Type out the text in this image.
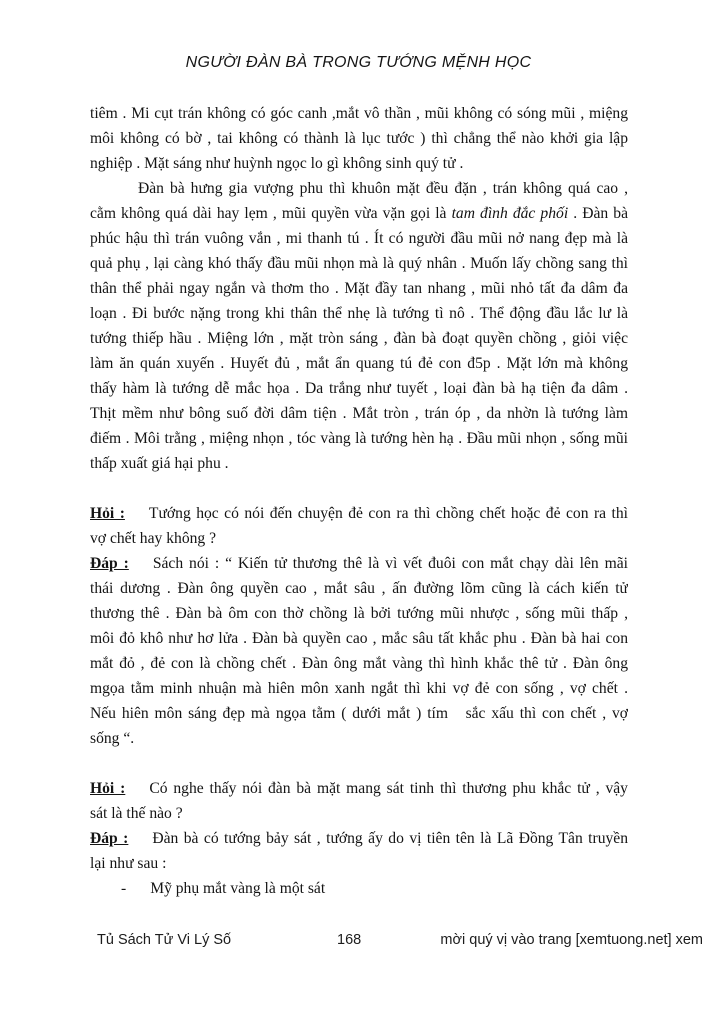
NGƯỜI ĐÀN BÀ TRONG TƯỚNG MỆNH HỌC
tiêm . Mi cụt trán không có góc canh ,mắt vô thần , mũi không có sóng mũi , miệng
môi không có bờ , tai không có thành là lục tước ) thì chẳng thể nào khởi gia lập
nghiệp . Mặt sáng như huỳnh ngọc lo gì không sinh quý tử .
Đàn bà hưng gia vượng phu thì khuôn mặt đều đặn , trán không quá cao ,
cằm không quá dài hay lẹm , mũi quyền vừa vặn gọi là tam đình đắc phối . Đàn bà
phúc hậu thì trán vuông vắn , mi thanh tú . Ít có người đầu mũi nở nang đẹp mà là
quả phụ , lại càng khó thấy đầu mũi nhọn mà là quý nhân . Muốn lấy chồng sang thì
thân thể phải ngay ngắn và thơm tho . Mặt đầy tan nhang , mũi nhỏ tất đa dâm đa
loạn . Đi bước nặng trong khi thân thể nhẹ là tướng tì nô . Thể động đầu lắc lư là
tướng thiếp hầu . Miệng lớn , mặt tròn sáng , đàn bà đoạt quyền chồng , giỏi việc
làm ăn quán xuyến . Huyết đủ , mắt ẩn quang tú đẻ con đ5p . Mặt lớn mà không
thấy hàm là tướng dễ mắc họa . Da trắng như tuyết , loại đàn bà hạ tiện đa dâm .
Thịt mềm như bông suố đời dâm tiện . Mắt tròn , trán óp , da nhờn là tướng làm
điếm . Môi trằng , miệng nhọn , tóc vàng là tướng hèn hạ . Đầu mũi nhọn , sống mũi
thấp xuất giá hại phu .
Hỏi : Tướng học có nói đến chuyện đẻ con ra thì chồng chết hoặc đẻ con ra thì
vợ chết hay không ?
Đáp : Sách nói : “ Kiến tử thương thê là vì vết đuôi con mắt chạy dài lên mãi
thái dương . Đàn ông quyền cao , mắt sâu , ấn đường lõm cũng là cách kiến tử
thương thê . Đàn bà ôm con thờ chồng là bởi tướng mũi nhược , sống mũi thấp ,
môi đỏ khô như hơ lửa . Đàn bà quyền cao , mắc sâu tất khắc phu . Đàn bà hai con
mắt đỏ , đẻ con là chồng chết . Đàn ông mắt vàng thì hình khắc thê tử . Đàn ông
mgọa tằm minh nhuận mà hiên môn xanh ngắt thì khi vợ đẻ con sống , vợ chết .
Nếu hiên môn sáng đẹp mà ngọa tằm ( dưới mắt ) tím   sắc xấu thì con chết , vợ
sống “.
Hỏi : Có nghe thấy nói đàn bà mặt mang sát tinh thì thương phu khắc tử , vậy
sát là thế nào ?
Đáp : Đàn bà có tướng bảy sát , tướng ấy do vị tiên tên là Lã Đồng Tân truyền
lại như sau :
- Mỹ phụ mắt vàng là một sát
Tủ Sách Tử Vi Lý Số	168	mời quý vị vào trang [xemtuong.net] xem
